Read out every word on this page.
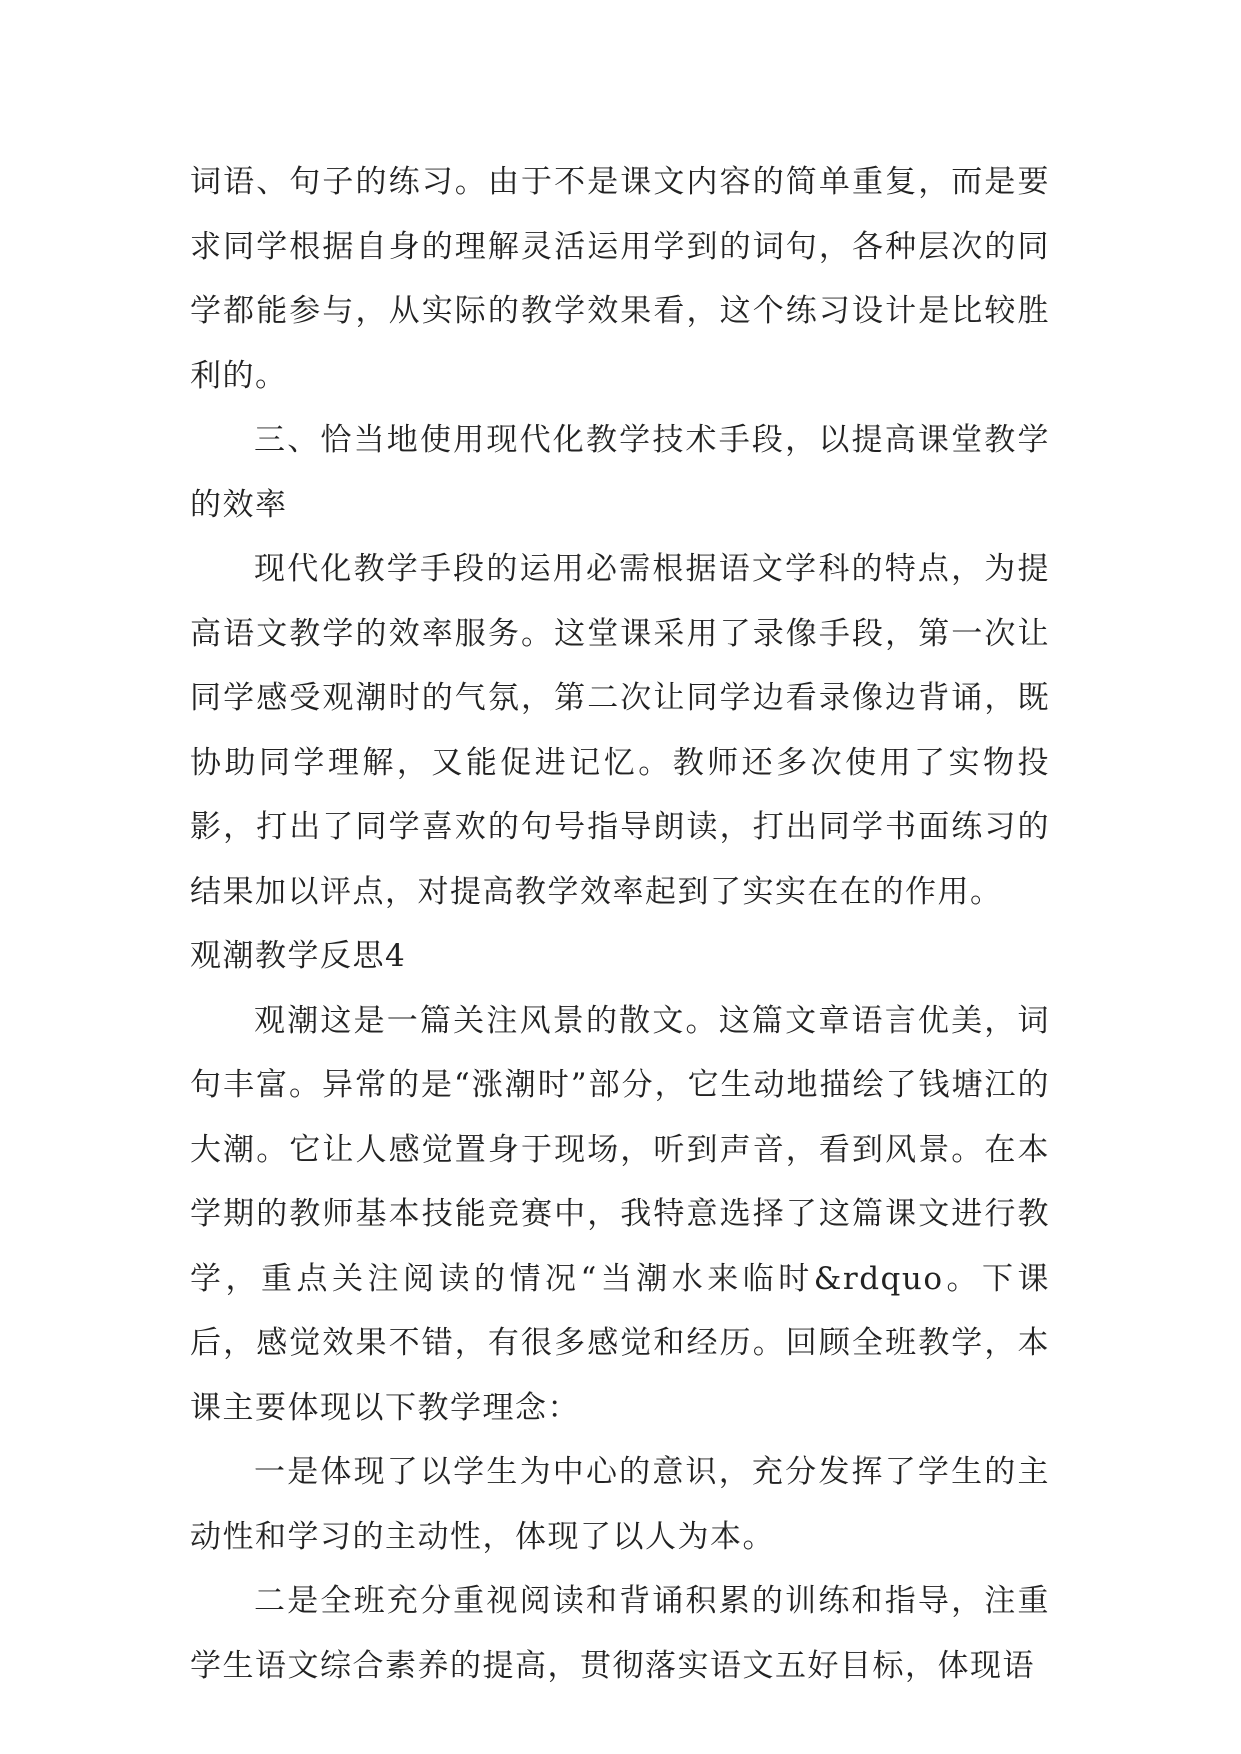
词语、句子的练习。由于不是课文内容的简单重复，而是要求同学根据自身的理解灵活运用学到的词句，各种层次的同学都能参与，从实际的教学效果看，这个练习设计是比较胜利的。

三、恰当地使用现代化教学技术手段，以提高课堂教学的效率

现代化教学手段的运用必需根据语文学科的特点，为提高语文教学的效率服务。这堂课采用了录像手段，第一次让同学感受观潮时的气氛，第二次让同学边看录像边背诵，既协助同学理解，又能促进记忆。教师还多次使用了实物投影，打出了同学喜欢的句号指导朗读，打出同学书面练习的结果加以评点，对提高教学效率起到了实实在在的作用。

观潮教学反思4

观潮这是一篇关注风景的散文。这篇文章语言优美，词句丰富。异常的是“涨潮时”部分，它生动地描绘了钱塘江的大潮。它让人感觉置身于现场，听到声音，看到风景。在本学期的教师基本技能竞赛中，我特意选择了这篇课文进行教学，重点关注阅读的情况“当潮水来临时&rdquo。下课后，感觉效果不错，有很多感觉和经历。回顾全班教学，本课主要体现以下教学理念：

一是体现了以学生为中心的意识，充分发挥了学生的主动性和学习的主动性，体现了以人为本。

二是全班充分重视阅读和背诵积累的训练和指导，注重学生语文综合素养的提高，贯彻落实语文五好目标，体现语
